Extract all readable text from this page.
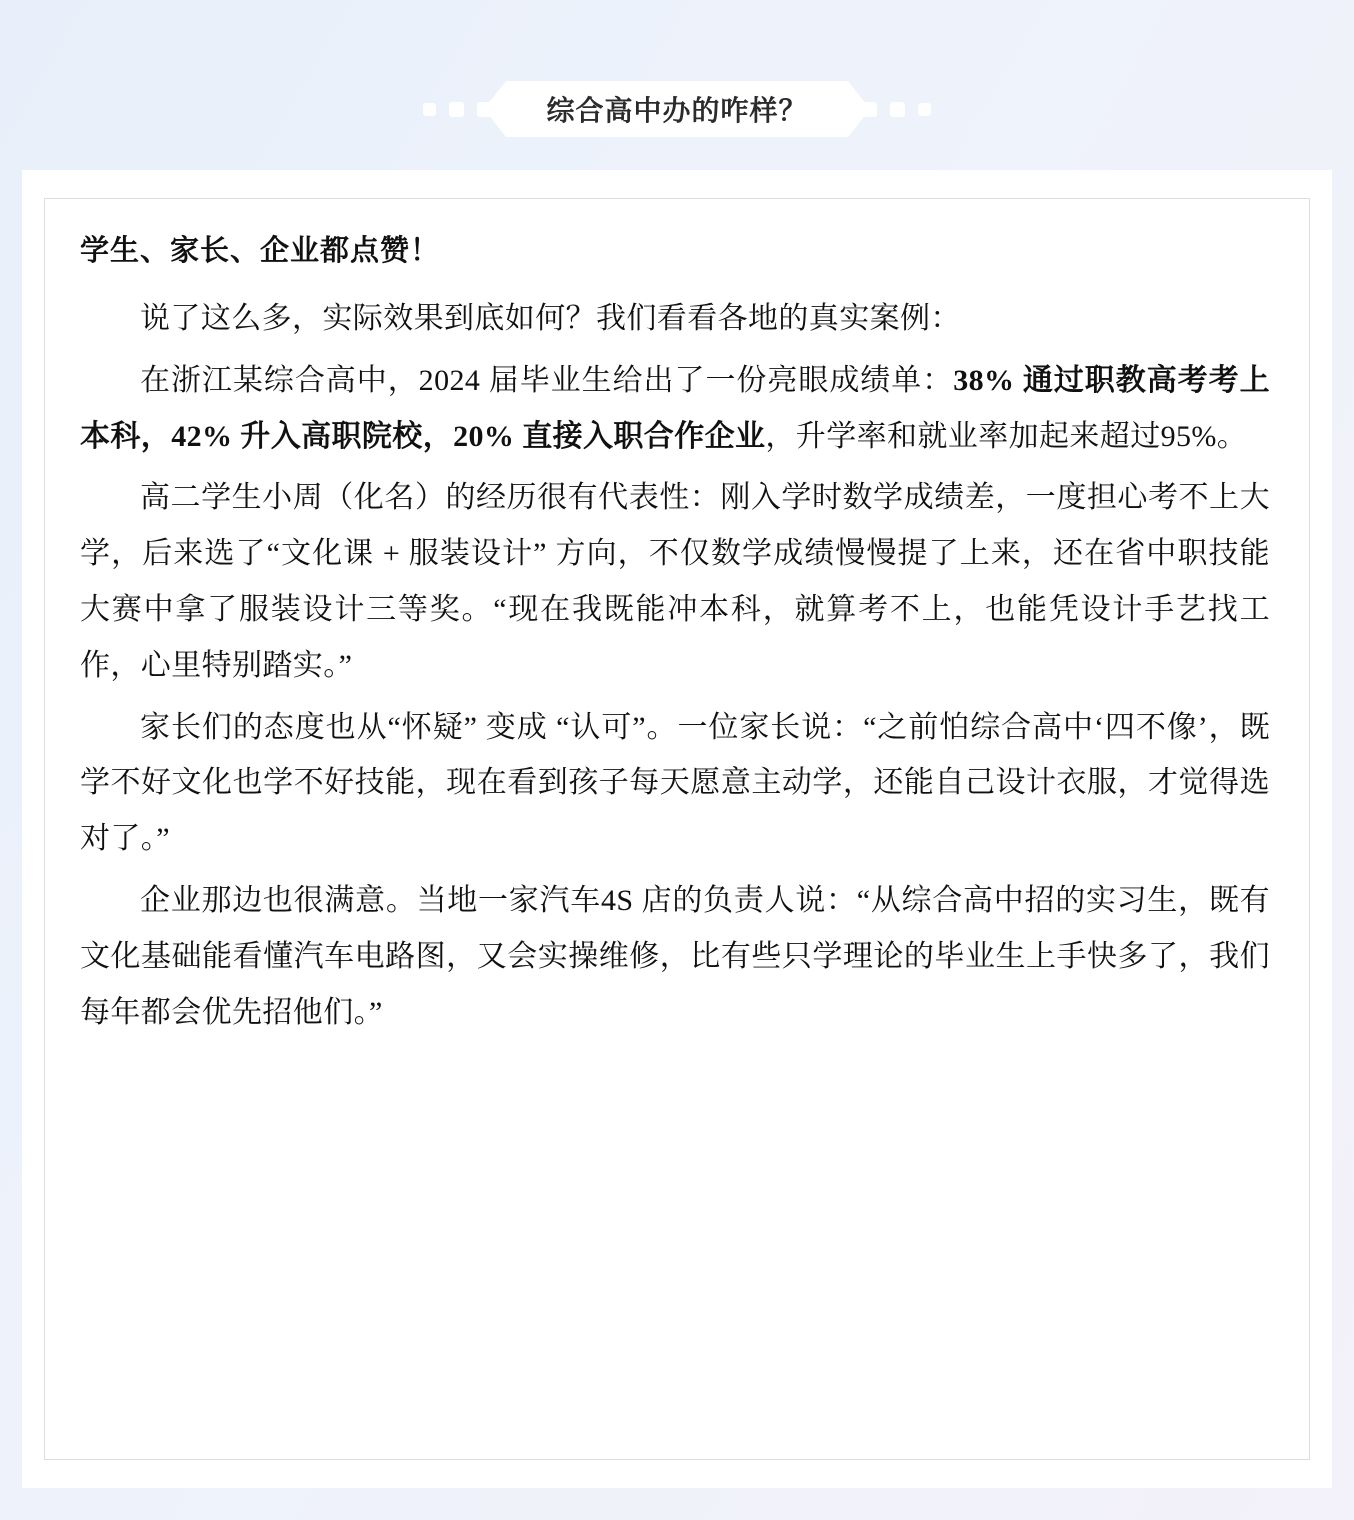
综合高中办的咋样？
学生、家长、企业都点赞！

说了这么多，实际效果到底如何？我们看看各地的真实案例：

在浙江某综合高中，2024 届毕业生给出了一份亮眼成绩单：38% 通过职教高考考上本科，42% 升入高职院校，20% 直接入职合作企业，升学率和就业率加起来超过95%。

高二学生小周（化名）的经历很有代表性：刚入学时数学成绩差，一度担心考不上大学，后来选了“文化课 + 服装设计” 方向，不仅数学成绩慢慢提了上来，还在省中职技能大赛中拿了服装设计三等奖。“现在我既能冲本科，就算考不上，也能凭设计手艺找工作，心里特别踏实。”

家长们的态度也从“怀疑” 变成 “认可”。一位家长说：“之前怕综合高中‘四不像’，既学不好文化也学不好技能，现在看到孩子每天愿意主动学，还能自己设计衣服，才觉得选对了。”

企业那边也很满意。当地一家汽车4S 店的负责人说：“从综合高中招的实习生，既有文化基础能看懂汽车电路图，又会实操维修，比有些只学理论的毕业生上手快多了，我们每年都会优先招他们。”
